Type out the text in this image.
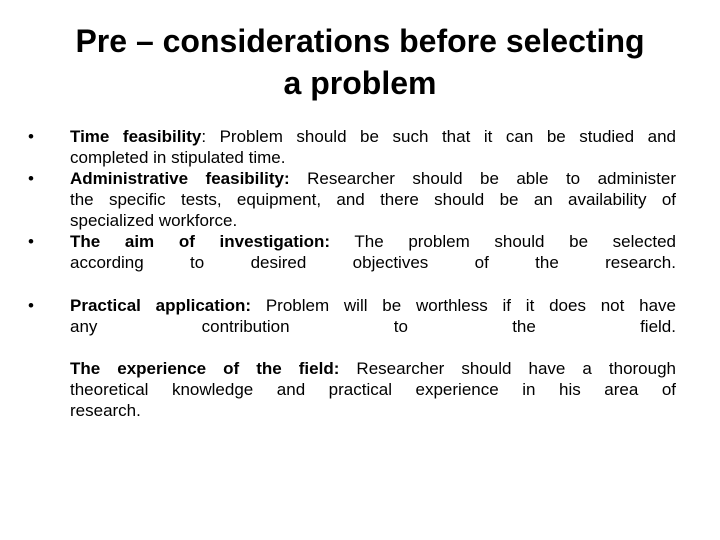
Pre – considerations before selecting
a problem
•	Time feasibility: Problem should be such that it can be studied and
completed in stipulated time.
•	Administrative feasibility: Researcher should be able to administer
the specific tests, equipment, and there should be an availability of
specialized workforce.
•	The aim of investigation: The problem should be selected
according to desired objectives of the research.
•	Practical application: Problem will be worthless if it does not have
any contribution to the field.
The experience of the field: Researcher should have a thorough
theoretical knowledge and practical experience in his area of
research.
